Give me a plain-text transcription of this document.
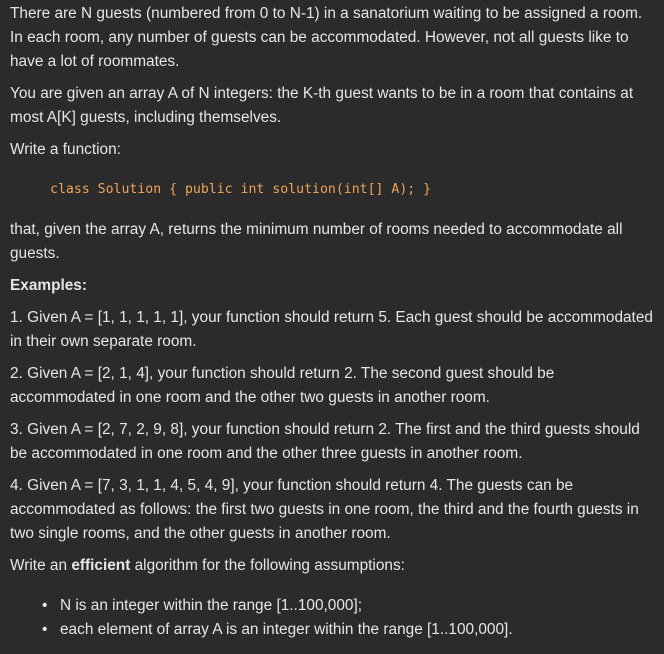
There are N guests (numbered from 0 to N-1) in a sanatorium waiting to be assigned a room. In each room, any number of guests can be accommodated. However, not all guests like to have a lot of roommates.

You are given an array A of N integers: the K-th guest wants to be in a room that contains at most A[K] guests, including themselves.

Write a function:

class Solution { public int solution(int[] A); }

that, given the array A, returns the minimum number of rooms needed to accommodate all guests.

Examples:

1. Given A = [1, 1, 1, 1, 1], your function should return 5. Each guest should be accommodated in their own separate room.

2. Given A = [2, 1, 4], your function should return 2. The second guest should be accommodated in one room and the other two guests in another room.

3. Given A = [2, 7, 2, 9, 8], your function should return 2. The first and the third guests should be accommodated in one room and the other three guests in another room.

4. Given A = [7, 3, 1, 1, 4, 5, 4, 9], your function should return 4. The guests can be accommodated as follows: the first two guests in one room, the third and the fourth guests in two single rooms, and the other guests in another room.

Write an efficient algorithm for the following assumptions:

• N is an integer within the range [1..100,000];
• each element of array A is an integer within the range [1..100,000].
